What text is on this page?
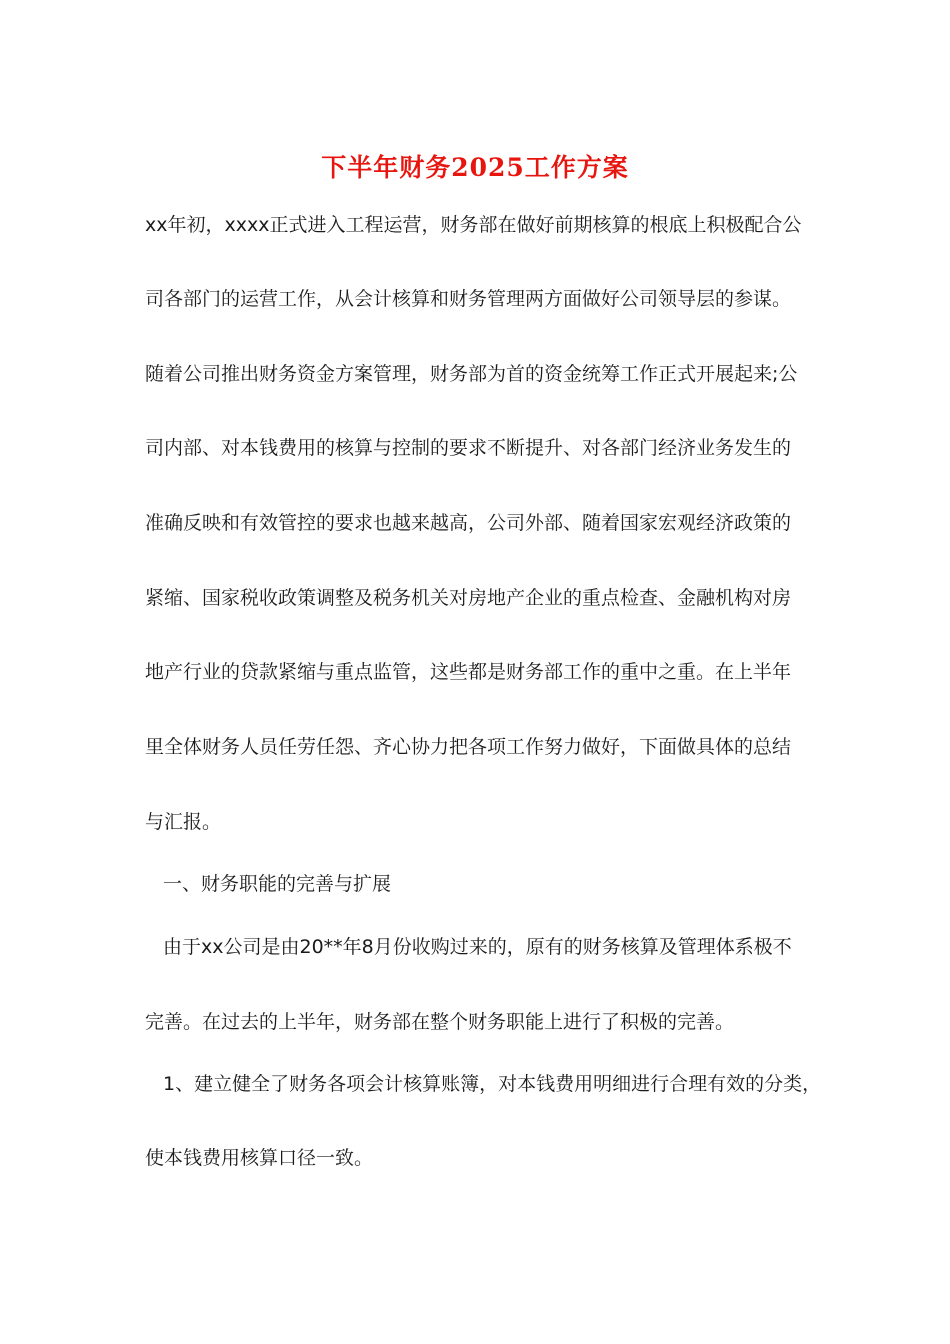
下半年财务2025工作方案
xx年初，xxxx正式进入工程运营，财务部在做好前期核算的根底上积极配合公
司各部门的运营工作，从会计核算和财务管理两方面做好公司领导层的参谋。
随着公司推出财务资金方案管理，财务部为首的资金统筹工作正式开展起来;公
司内部、对本钱费用的核算与控制的要求不断提升、对各部门经济业务发生的
准确反映和有效管控的要求也越来越高，公司外部、随着国家宏观经济政策的
紧缩、国家税收政策调整及税务机关对房地产企业的重点检查、金融机构对房
地产行业的贷款紧缩与重点监管，这些都是财务部工作的重中之重。在上半年
里全体财务人员任劳任怨、齐心协力把各项工作努力做好，下面做具体的总结
与汇报。
一、财务职能的完善与扩展
由于xx公司是由20**年8月份收购过来的，原有的财务核算及管理体系极不
完善。在过去的上半年，财务部在整个财务职能上进行了积极的完善。
1、建立健全了财务各项会计核算账簿，对本钱费用明细进行合理有效的分类，
使本钱费用核算口径一致。
